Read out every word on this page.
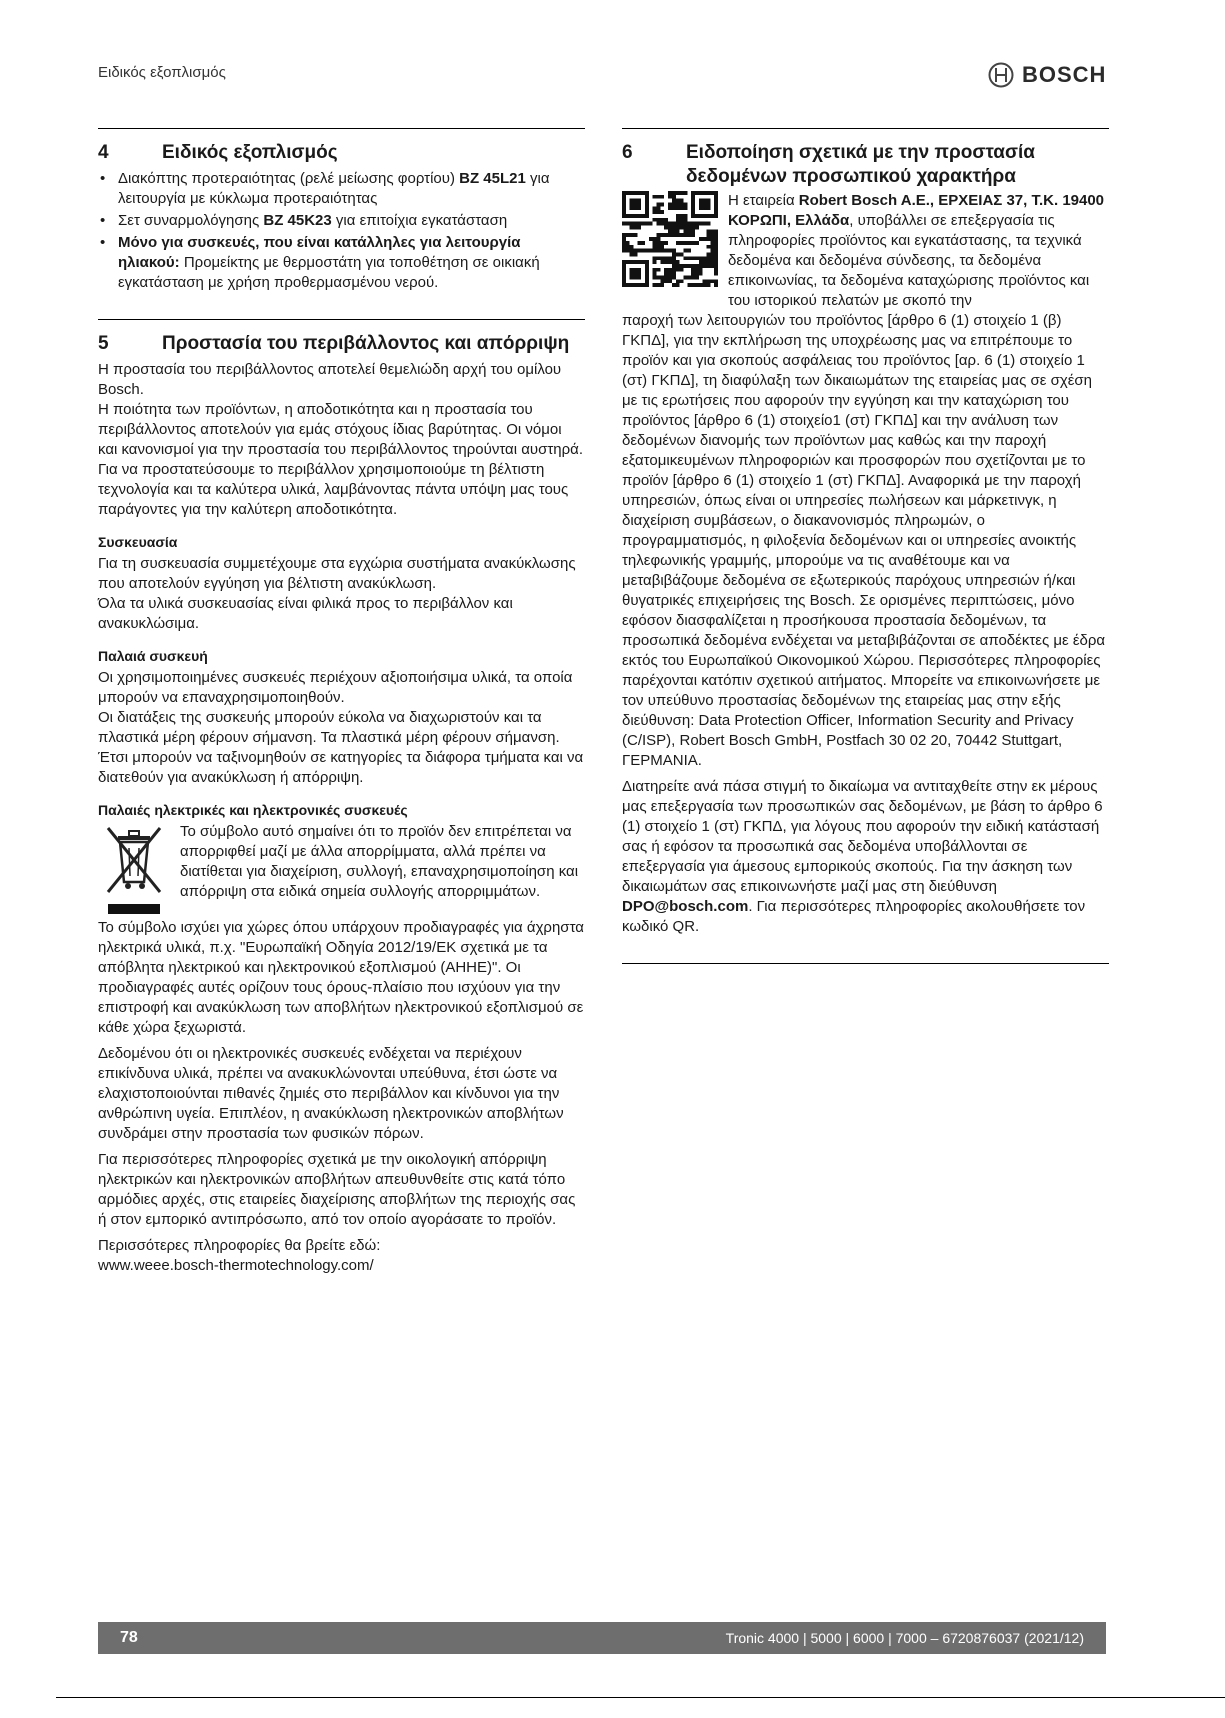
Ειδικός εξοπλισμός	BOSCH
4	Ειδικός εξοπλισμός
• Διακόπτης προτεραιότητας (ρελέ μείωσης φορτίου) BZ 45L21 για λειτουργία με κύκλωμα προτεραιότητας
• Σετ συναρμολόγησης BZ 45K23 για επιτοίχια εγκατάσταση
• Μόνο για συσκευές, που είναι κατάλληλες για λειτουργία ηλιακού: Προμείκτης με θερμοστάτη για τοποθέτηση σε οικιακή εγκατάσταση με χρήση προθερμασμένου νερού.
5	Προστασία του περιβάλλοντος και απόρριψη

Η προστασία του περιβάλλοντος αποτελεί θεμελιώδη αρχή του ομίλου Bosch.

Η ποιότητα των προϊόντων, η αποδοτικότητα και η προστασία του περιβάλλοντος αποτελούν για εμάς στόχους ίδιας βαρύτητας. Οι νόμοι και κανονισμοί για την προστασία του περιβάλλοντος τηρούνται αυστηρά.

Για να προστατεύσουμε το περιβάλλον χρησιμοποιούμε τη βέλτιστη τεχνολογία και τα καλύτερα υλικά, λαμβάνοντας πάντα υπόψη μας τους παράγοντες για την καλύτερη αποδοτικότητα.

Συσκευασία

Για τη συσκευασία συμμετέχουμε στα εγχώρια συστήματα ανακύκλωσης που αποτελούν εγγύηση για βέλτιστη ανακύκλωση.

Όλα τα υλικά συσκευασίας είναι φιλικά προς το περιβάλλον και ανακυκλώσιμα.

Παλαιά συσκευή

Οι χρησιμοποιημένες συσκευές περιέχουν αξιοποιήσιμα υλικά, τα οποία μπορούν να επαναχρησιμοποιηθούν.

Οι διατάξεις της συσκευής μπορούν εύκολα να διαχωριστούν και τα πλαστικά μέρη φέρουν σήμανση. Τα πλαστικά μέρη φέρουν σήμανση. Έτσι μπορούν να ταξινομηθούν σε κατηγορίες τα διάφορα τμήματα και να διατεθούν για ανακύκλωση ή απόρριψη.

Παλαιές ηλεκτρικές και ηλεκτρονικές συσκευές

Το σύμβολο αυτό σημαίνει ότι το προϊόν δεν επιτρέπεται να απορριφθεί μαζί με άλλα απορρίμματα, αλλά πρέπει να διατίθεται για διαχείριση, συλλογή, επαναχρησιμοποίηση και απόρριψη στα ειδικά σημεία συλλογής απορριμμάτων.

Το σύμβολο ισχύει για χώρες όπου υπάρχουν προδιαγραφές για άχρηστα ηλεκτρικά υλικά, π.χ. "Ευρωπαϊκή Οδηγία 2012/19/ΕΚ σχετικά με τα απόβλητα ηλεκτρικού και ηλεκτρονικού εξοπλισμού (ΑΗΗΕ)". Οι προδιαγραφές αυτές ορίζουν τους όρους-πλαίσιο που ισχύουν για την επιστροφή και ανακύκλωση των αποβλήτων ηλεκτρονικού εξοπλισμού σε κάθε χώρα ξεχωριστά.

Δεδομένου ότι οι ηλεκτρονικές συσκευές ενδέχεται να περιέχουν επικίνδυνα υλικά, πρέπει να ανακυκλώνονται υπεύθυνα, έτσι ώστε να ελαχιστοποιούνται πιθανές ζημιές στο περιβάλλον και κίνδυνοι για την ανθρώπινη υγεία. Επιπλέον, η ανακύκλωση ηλεκτρονικών αποβλήτων συνδράμει στην προστασία των φυσικών πόρων.

Για περισσότερες πληροφορίες σχετικά με την οικολογική απόρριψη ηλεκτρικών και ηλεκτρονικών αποβλήτων απευθυνθείτε στις κατά τόπο αρμόδιες αρχές, στις εταιρείες διαχείρισης αποβλήτων της περιοχής σας ή στον εμπορικό αντιπρόσωπο, από τον οποίο αγοράσατε το προϊόν.

Περισσότερες πληροφορίες θα βρείτε εδώ:

www.weee.bosch-thermotechnology.com/

6	Ειδοποίηση σχετικά με την προστασία δεδομένων προσωπικού χαρακτήρα
Η εταιρεία Robert Bosch A.E., ΕΡΧΕΙΑΣ 37, Τ.Κ. 19400 ΚΟΡΩΠΙ, Ελλάδα, υποβάλλει σε επεξεργασία τις πληροφορίες προϊόντος και εγκατάστασης, τα τεχνικά δεδομένα και δεδομένα σύνδεσης, τα δεδομένα επικοινωνίας, τα δεδομένα καταχώρισης προϊόντος και του ιστορικού πελατών με σκοπό την

παροχή των λειτουργιών του προϊόντος [άρθρο 6 (1) στοιχείο 1 (β) ΓΚΠΔ], για την εκπλήρωση της υποχρέωσης μας να επιτρέπουμε το προϊόν και για σκοπούς ασφάλειας του προϊόντος [αρ. 6 (1) στοιχείο 1 (στ) ΓΚΠΔ], τη διαφύλαξη των δικαιωμάτων της εταιρείας μας σε σχέση με τις ερωτήσεις που αφορούν την εγγύηση και την καταχώριση του προϊόντος [άρθρο 6 (1) στοιχείο1 (στ) ΓΚΠΔ] και την ανάλυση των δεδομένων διανομής των προϊόντων μας καθώς και την παροχή εξατομικευμένων πληροφοριών και προσφορών που σχετίζονται με το προϊόν [άρθρο 6 (1) στοιχείο 1 (στ) ΓΚΠΔ]. Αναφορικά με την παροχή υπηρεσιών, όπως είναι οι υπηρεσίες πωλήσεων και μάρκετινγκ, η διαχείριση συμβάσεων, ο διακανονισμός πληρωμών, ο προγραμματισμός, η φιλοξενία δεδομένων και οι υπηρεσίες ανοικτής τηλεφωνικής γραμμής, μπορούμε να τις αναθέτουμε και να μεταβιβάζουμε δεδομένα σε εξωτερικούς παρόχους υπηρεσιών ή/και θυγατρικές επιχειρήσεις της Bosch. Σε ορισμένες περιπτώσεις, μόνο εφόσον διασφαλίζεται η προσήκουσα προστασία δεδομένων, τα προσωπικά δεδομένα ενδέχεται να μεταβιβάζονται σε αποδέκτες με έδρα εκτός του Ευρωπαϊκού Οικονομικού Χώρου. Περισσότερες πληροφορίες παρέχονται κατόπιν σχετικού αιτήματος. Μπορείτε να επικοινωνήσετε με τον υπεύθυνο προστασίας δεδομένων της εταιρείας μας στην εξής διεύθυνση: Data Protection Officer, Information Security and Privacy (C/ISP), Robert Bosch GmbH, Postfach 30 02 20, 70442 Stuttgart, ΓΕΡΜΑΝΙΑ.

Διατηρείτε ανά πάσα στιγμή το δικαίωμα να αντιταχθείτε στην εκ μέρους μας επεξεργασία των προσωπικών σας δεδομένων, με βάση το άρθρο 6 (1) στοιχείο 1 (στ) ΓΚΠΔ, για λόγους που αφορούν την ειδική κατάστασή σας ή εφόσον τα προσωπικά σας δεδομένα υποβάλλονται σε επεξεργασία για άμεσους εμπορικούς σκοπούς. Για την άσκηση των δικαιωμάτων σας επικοινωνήστε μαζί μας στη διεύθυνση DPO@bosch.com. Για περισσότερες πληροφορίες ακολουθήσετε τον κωδικό QR.

78	Tronic 4000 | 5000 | 6000 | 7000 – 6720876037 (2021/12)
